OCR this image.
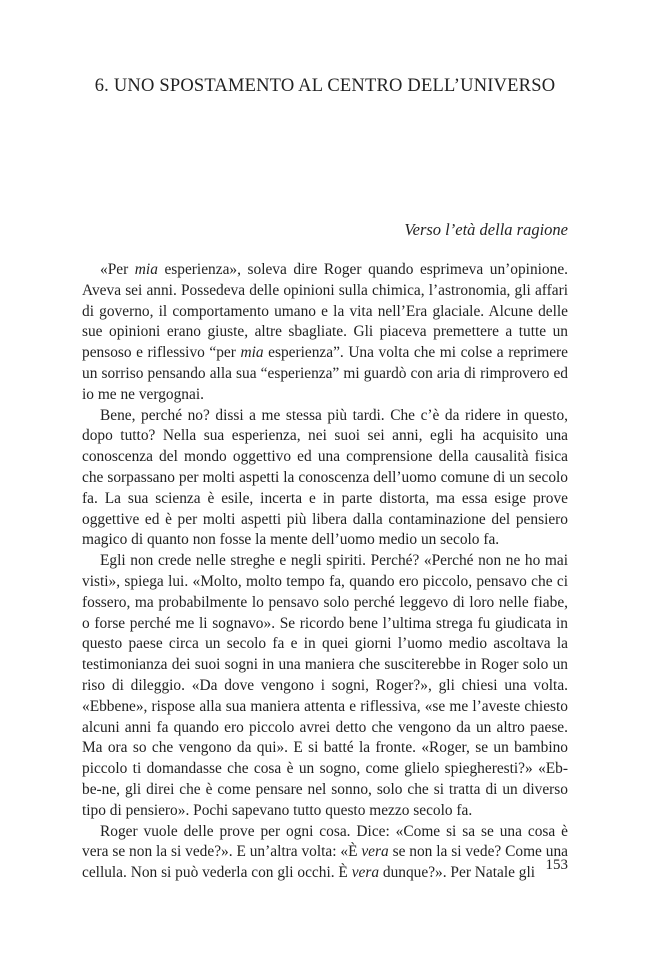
6. UNO SPOSTAMENTO AL CENTRO DELL’UNIVERSO
Verso l’età della ragione

«Per mia esperienza», soleva dire Roger quando esprimeva un’opinione. Aveva sei anni. Possedeva delle opinioni sulla chimica, l’astronomia, gli affari di governo, il comportamento umano e la vita nell’Era glaciale. Alcune delle sue opinioni erano giuste, altre sbagliate. Gli piaceva premettere a tutte un pensoso e riflessivo “per mia esperienza”. Una volta che mi colse a reprimere un sorriso pensando alla sua “esperienza” mi guardò con aria di rimprovero ed io me ne vergognai.

Bene, perché no? dissi a me stessa più tardi. Che c’è da ridere in questo, dopo tutto? Nella sua esperienza, nei suoi sei anni, egli ha acquisito una conoscenza del mondo oggettivo ed una comprensione della causalità fisica che sorpassano per molti aspetti la conoscenza dell’uomo comune di un secolo fa. La sua scienza è esile, incerta e in parte distorta, ma essa esige prove oggettive ed è per molti aspetti più libera dalla contaminazione del pensiero magico di quanto non fosse la mente dell’uomo medio un secolo fa.

Egli non crede nelle streghe e negli spiriti. Perché? «Perché non ne ho mai visti», spiega lui. «Molto, molto tempo fa, quando ero piccolo, pensavo che ci fossero, ma probabilmente lo pensavo solo perché leggevo di loro nelle fiabe, o forse perché me li sognavo». Se ricordo bene l’ultima strega fu giudicata in questo paese circa un secolo fa e in quei giorni l’uomo medio ascoltava la testimonianza dei suoi sogni in una maniera che susciterebbe in Roger solo un riso di dileggio. «Da dove vengono i sogni, Roger?», gli chiesi una volta. «Ebbene», rispose alla sua maniera attenta e riflessiva, «se me l’aveste chiesto alcuni anni fa quando ero piccolo avrei detto che vengono da un altro paese. Ma ora so che vengono da qui». E si batté la fronte. «Roger, se un bambino piccolo ti domandasse che cosa è un sogno, come glielo spiegheresti?» «Eb-be-ne, gli direi che è come pensare nel sonno, solo che si tratta di un diverso tipo di pensiero». Pochi sapevano tutto questo mezzo secolo fa.

Roger vuole delle prove per ogni cosa. Dice: «Come si sa se una cosa è vera se non la si vede?». E un’altra volta: «È vera se non la si vede? Come una cellula. Non si può vederla con gli occhi. È vera dunque?». Per Natale gli 153
